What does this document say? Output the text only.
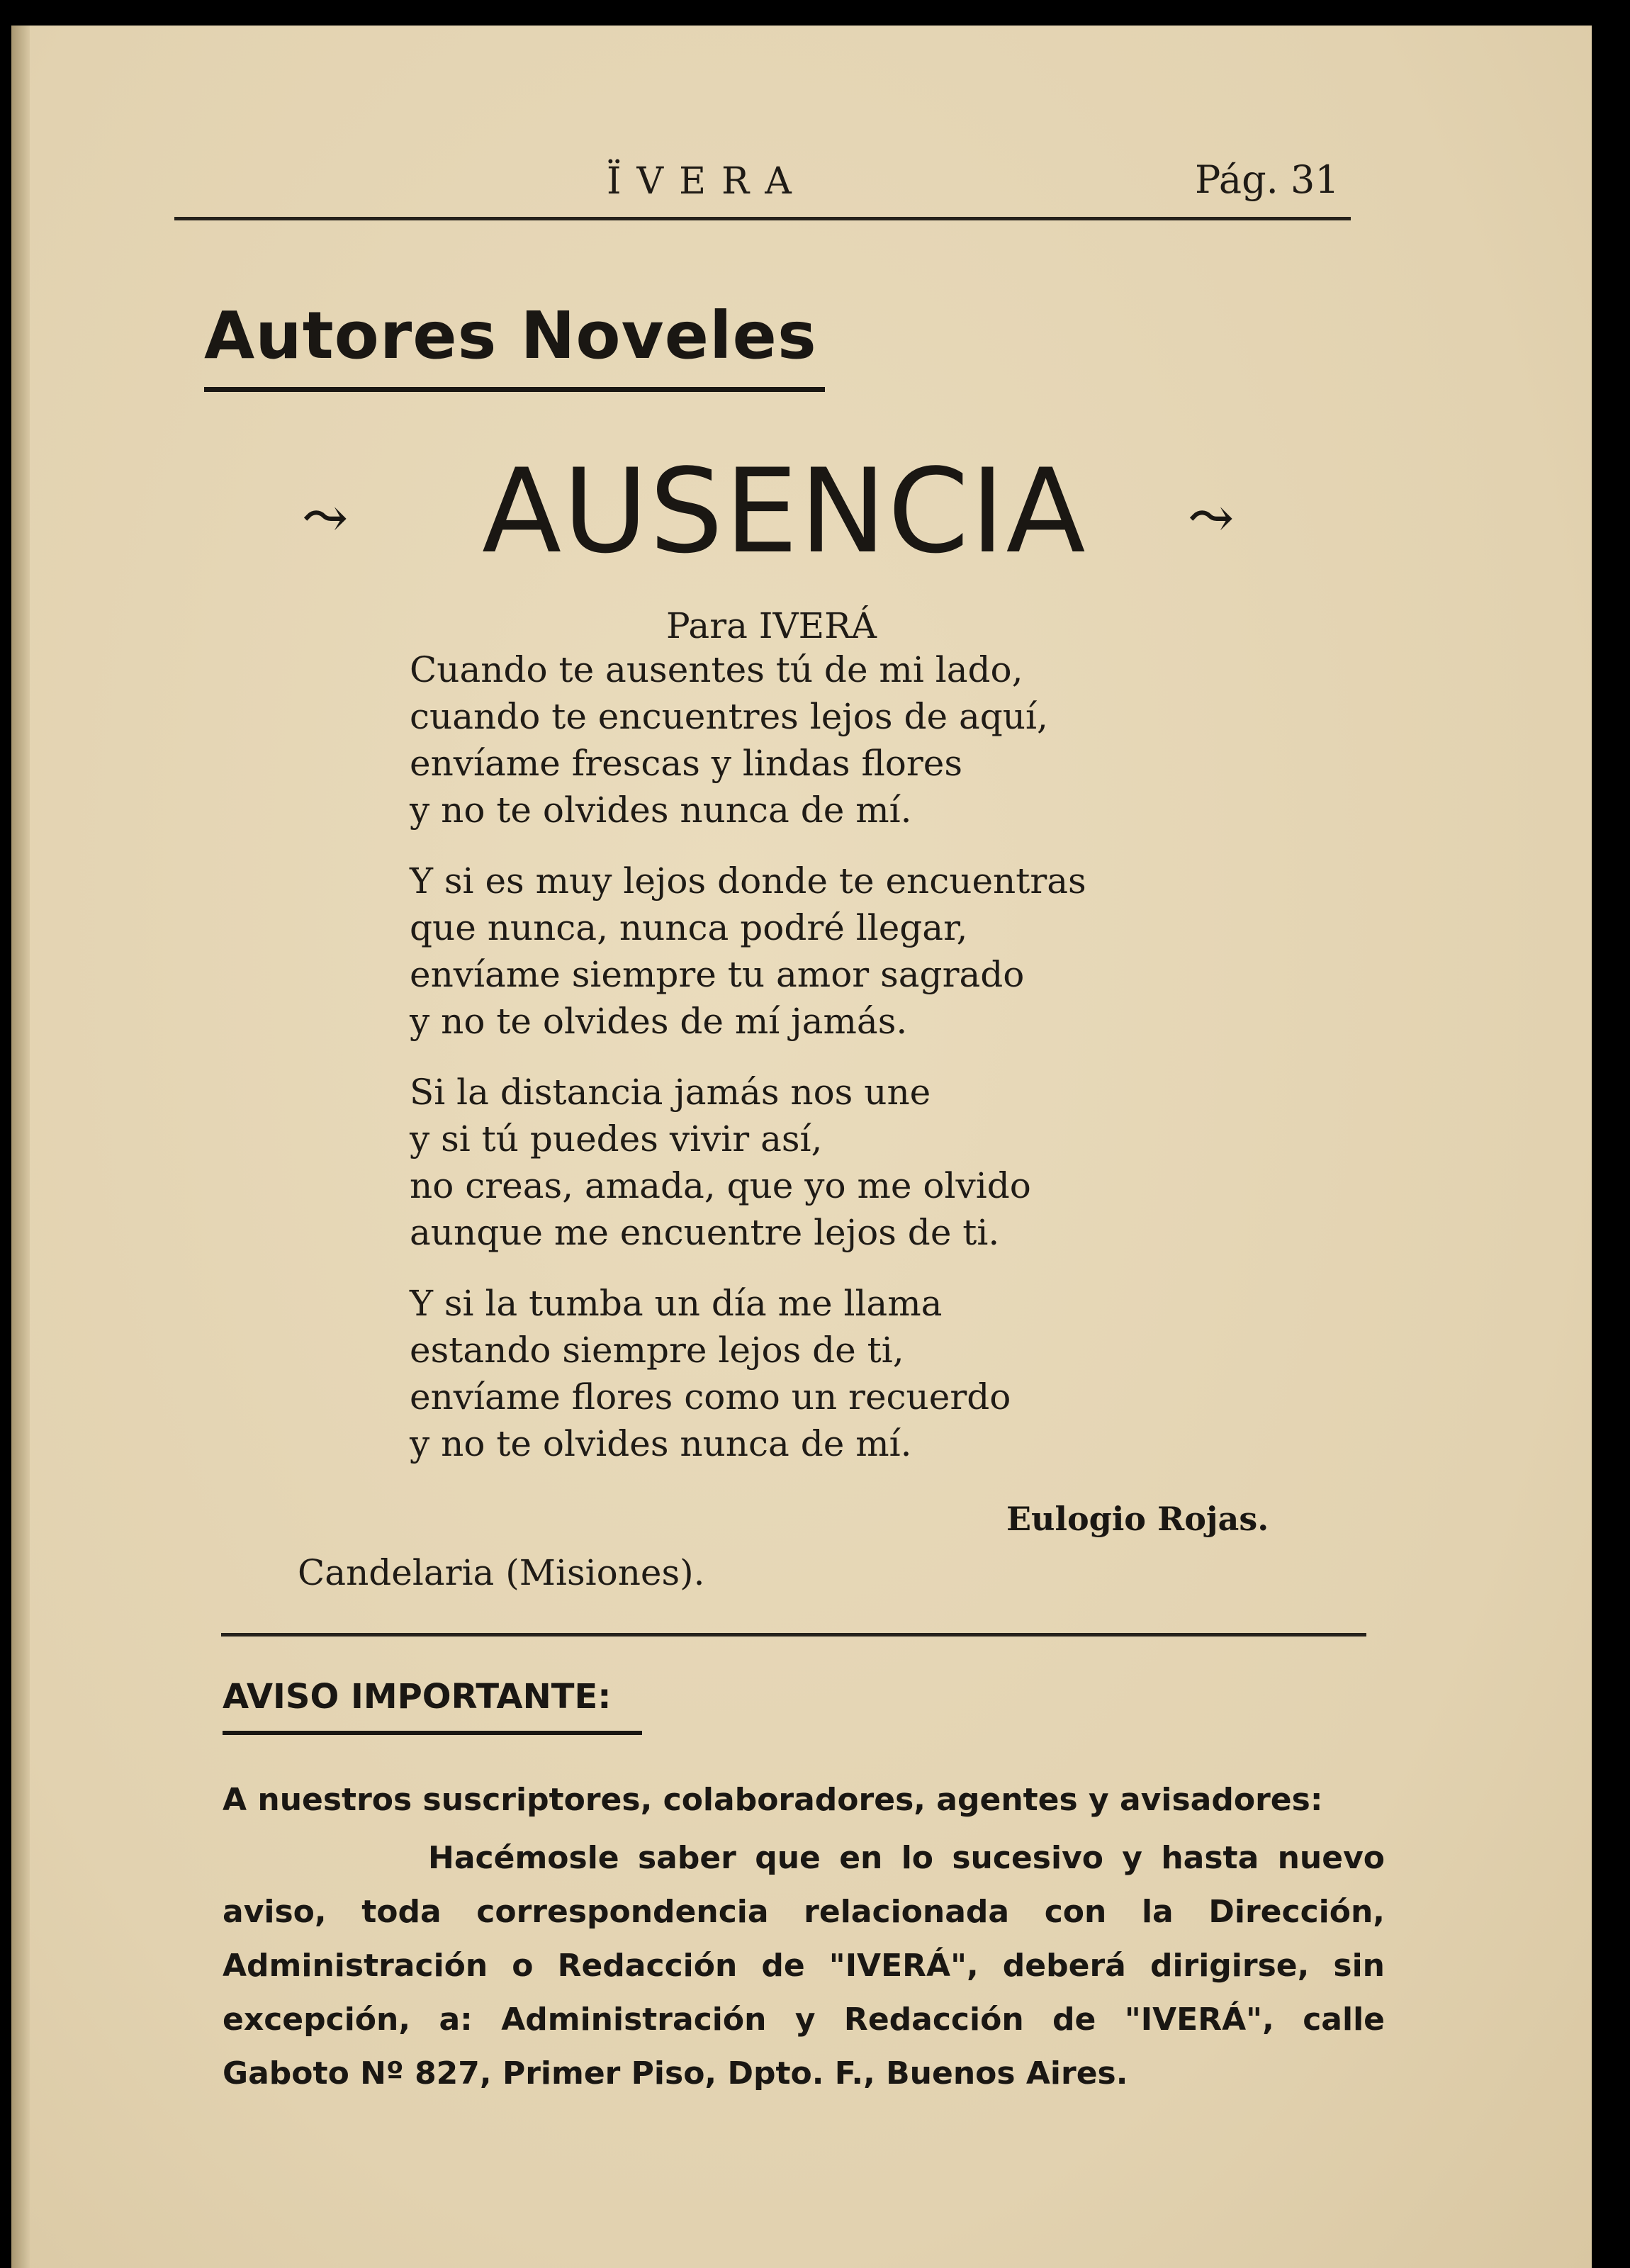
ÏVERA	Pág. 31
Autores Noveles
⤳ AUSENCIA ⤳
Para IVERÁ
Cuando te ausentes tú de mi lado,
cuando te encuentres lejos de aquí,
envíame frescas y lindas flores
y no te olvides nunca de mí.
Y si es muy lejos donde te encuentras
que nunca, nunca podré llegar,
envíame siempre tu amor sagrado
y no te olvides de mí jamás.
Si la distancia jamás nos une
y si tú puedes vivir así,
no creas, amada, que yo me olvido
aunque me encuentre lejos de ti.
Y si la tumba un día me llama
estando siempre lejos de ti,
envíame flores como un recuerdo
y no te olvides nunca de mí.
Eulogio Rojas.
Candelaria (Misiones).
AVISO IMPORTANTE:
A nuestros suscriptores, colaboradores, agentes y avisadores:
Hacémosle saber que en lo sucesivo y hasta nuevo aviso, toda correspondencia relacionada con la Dirección, Administración o Redacción de "IVERÁ", deberá dirigirse, sin excepción, a: Administración y Redacción de "IVERÁ", calle Gaboto Nº 827, Primer Piso, Dpto. F., Buenos Aires.
